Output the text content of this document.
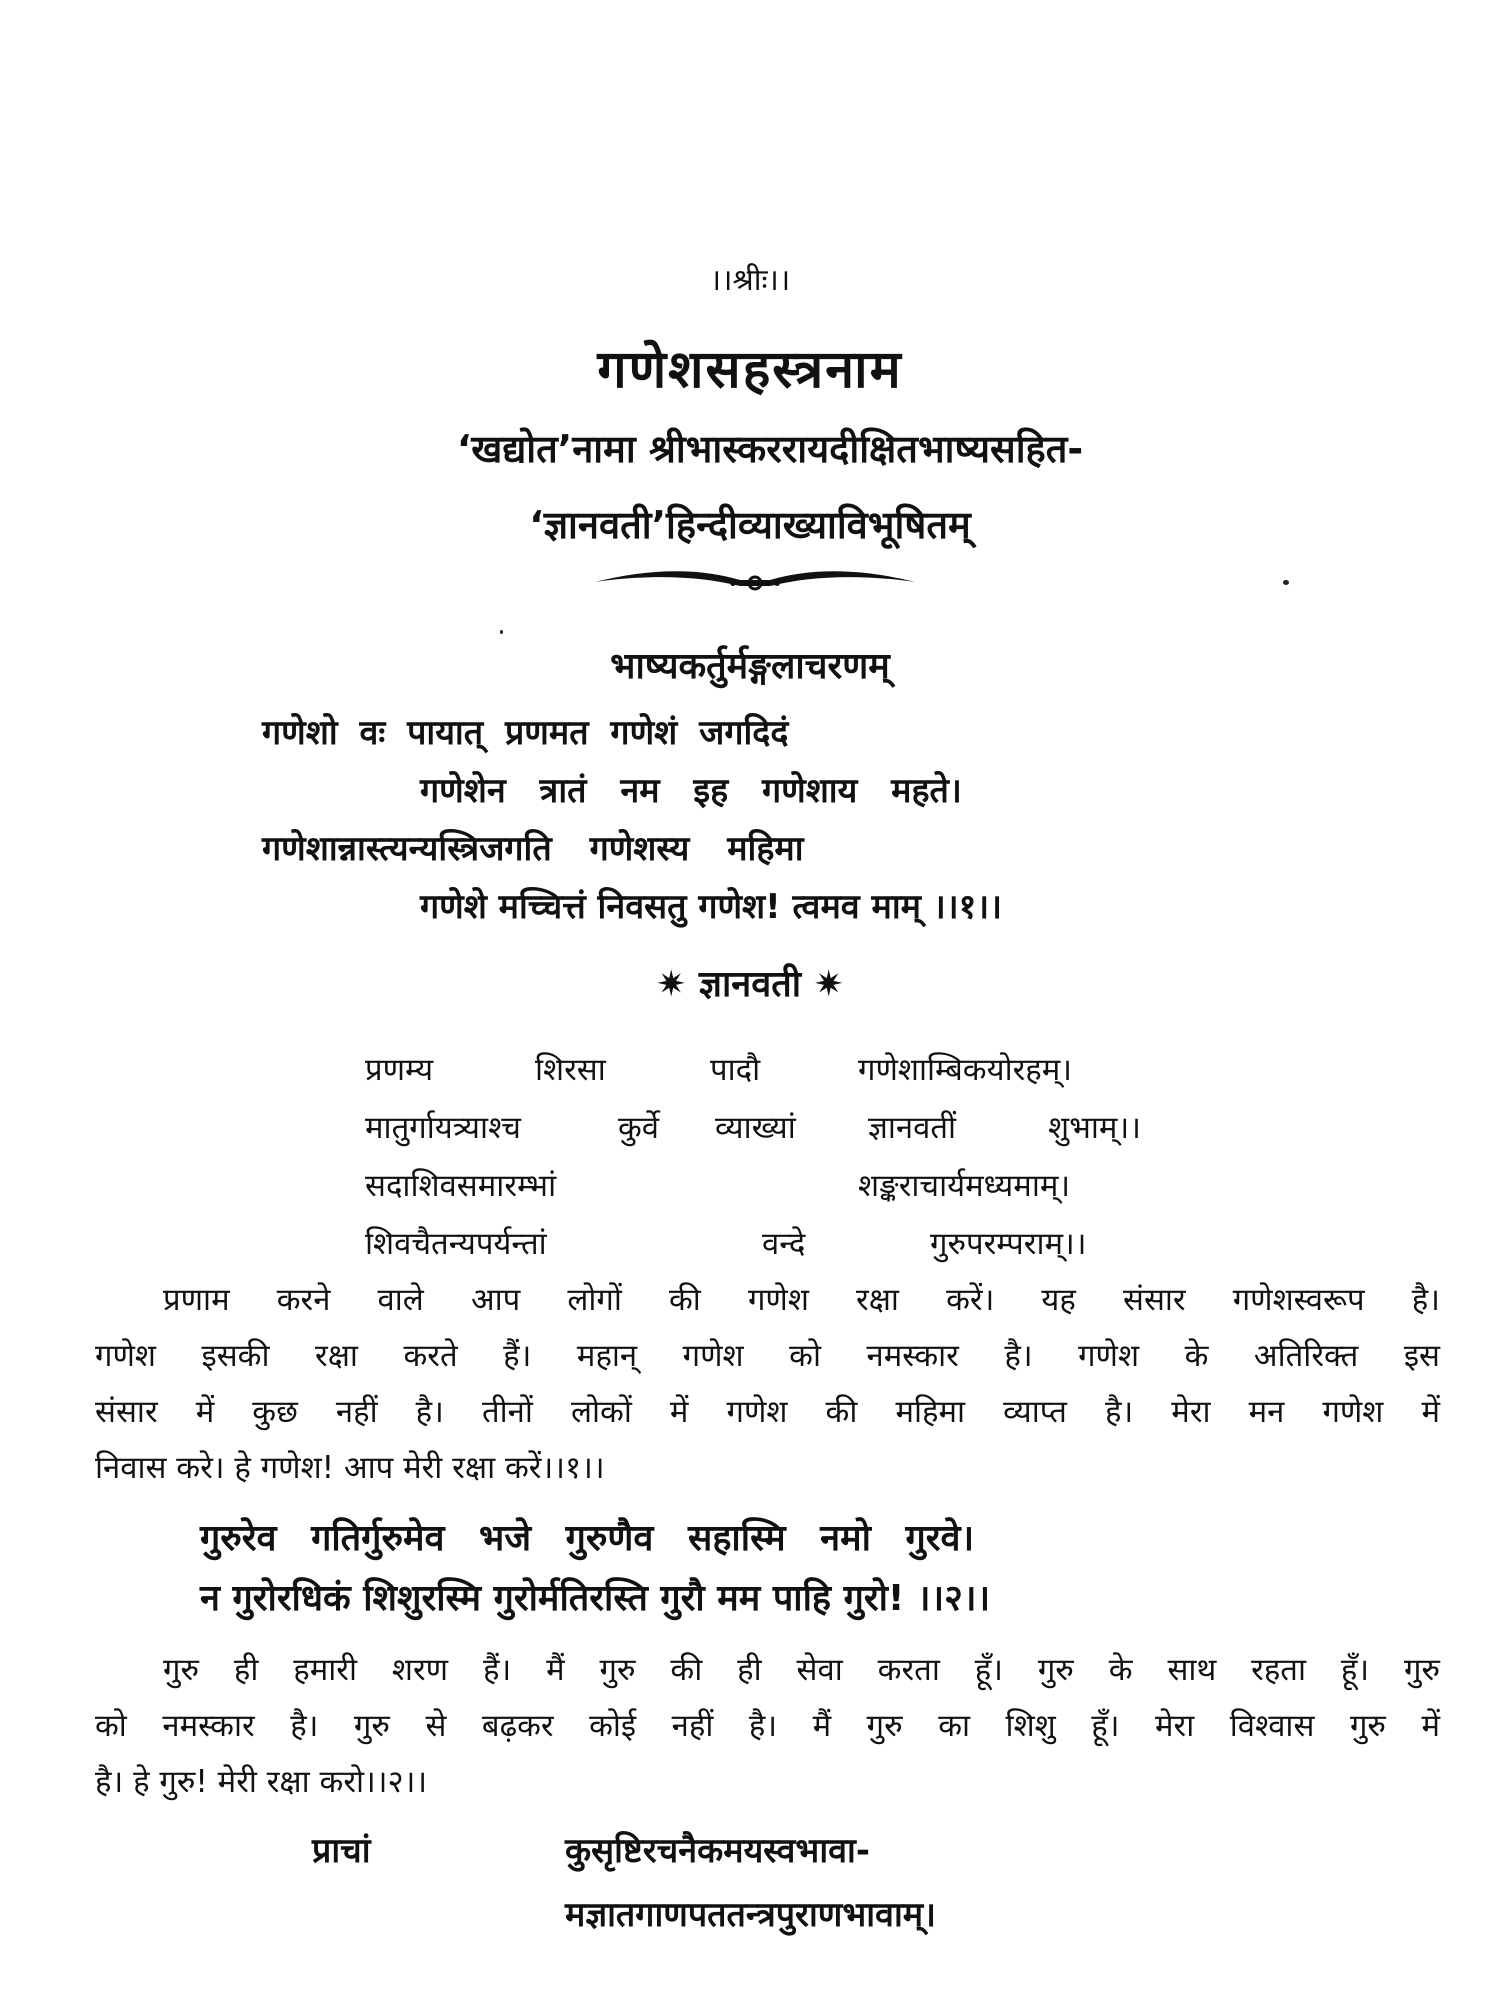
।।श्रीः।।
गणेशसहस्त्रनाम
‘खद्योत’नामा श्रीभास्कररायदीक्षितभाष्यसहित-
‘ज्ञानवती’हिन्दीव्याख्याविभूषितम्
भाष्यकर्तुर्मङ्गलाचरणम्
गणेशो वः पायात् प्रणमत गणेशं जगदिदं
गणेशेन त्रातं नम इह गणेशाय महते।
गणेशान्नास्त्यन्यस्त्रिजगति गणेशस्य महिमा
गणेशे मच्चित्तं निवसतु गणेश! त्वमव माम् ।।१।।
✷ ज्ञानवती ✷
प्रणम्य	शिरसा	पादौ	गणेशाम्बिकयोरहम्।
मातुर्गायत्र्याश्च	कुर्वे व्याख्यां ज्ञानवतीं	शुभाम्।।
सदाशिवसमारम्भां	शङ्कराचार्यमध्यमाम्।
शिवचैतन्यपर्यन्तां	वन्दे	गुरुपरम्पराम्।।
प्रणाम करने वाले आप लोगों की गणेश रक्षा करें। यह संसार गणेशस्वरूप है।
गणेश इसकी रक्षा करते हैं। महान् गणेश को नमस्कार है। गणेश के अतिरिक्त इस
संसार में कुछ नहीं है। तीनों लोकों में गणेश की महिमा व्याप्त है। मेरा मन गणेश में
निवास करे। हे गणेश! आप मेरी रक्षा करें।।१।।
गुरुरेव गतिर्गुरुमेव भजे गुरुणैव सहास्मि नमो गुरवे।
न गुरोरधिकं शिशुरस्मि गुरोर्मतिरस्ति गुरौ मम पाहि गुरो! ।।२।।
गुरु ही हमारी शरण हैं। मैं गुरु की ही सेवा करता हूँ। गुरु के साथ रहता हूँ। गुरु
को नमस्कार है। गुरु से बढ़कर कोई नहीं है। मैं गुरु का शिशु हूँ। मेरा विश्वास गुरु में
है। हे गुरु! मेरी रक्षा करो।।२।।
प्राचां	कुसृष्टिरचनैकमयस्वभावा-
मज्ञातगाणपततन्त्रपुराणभावाम्।
